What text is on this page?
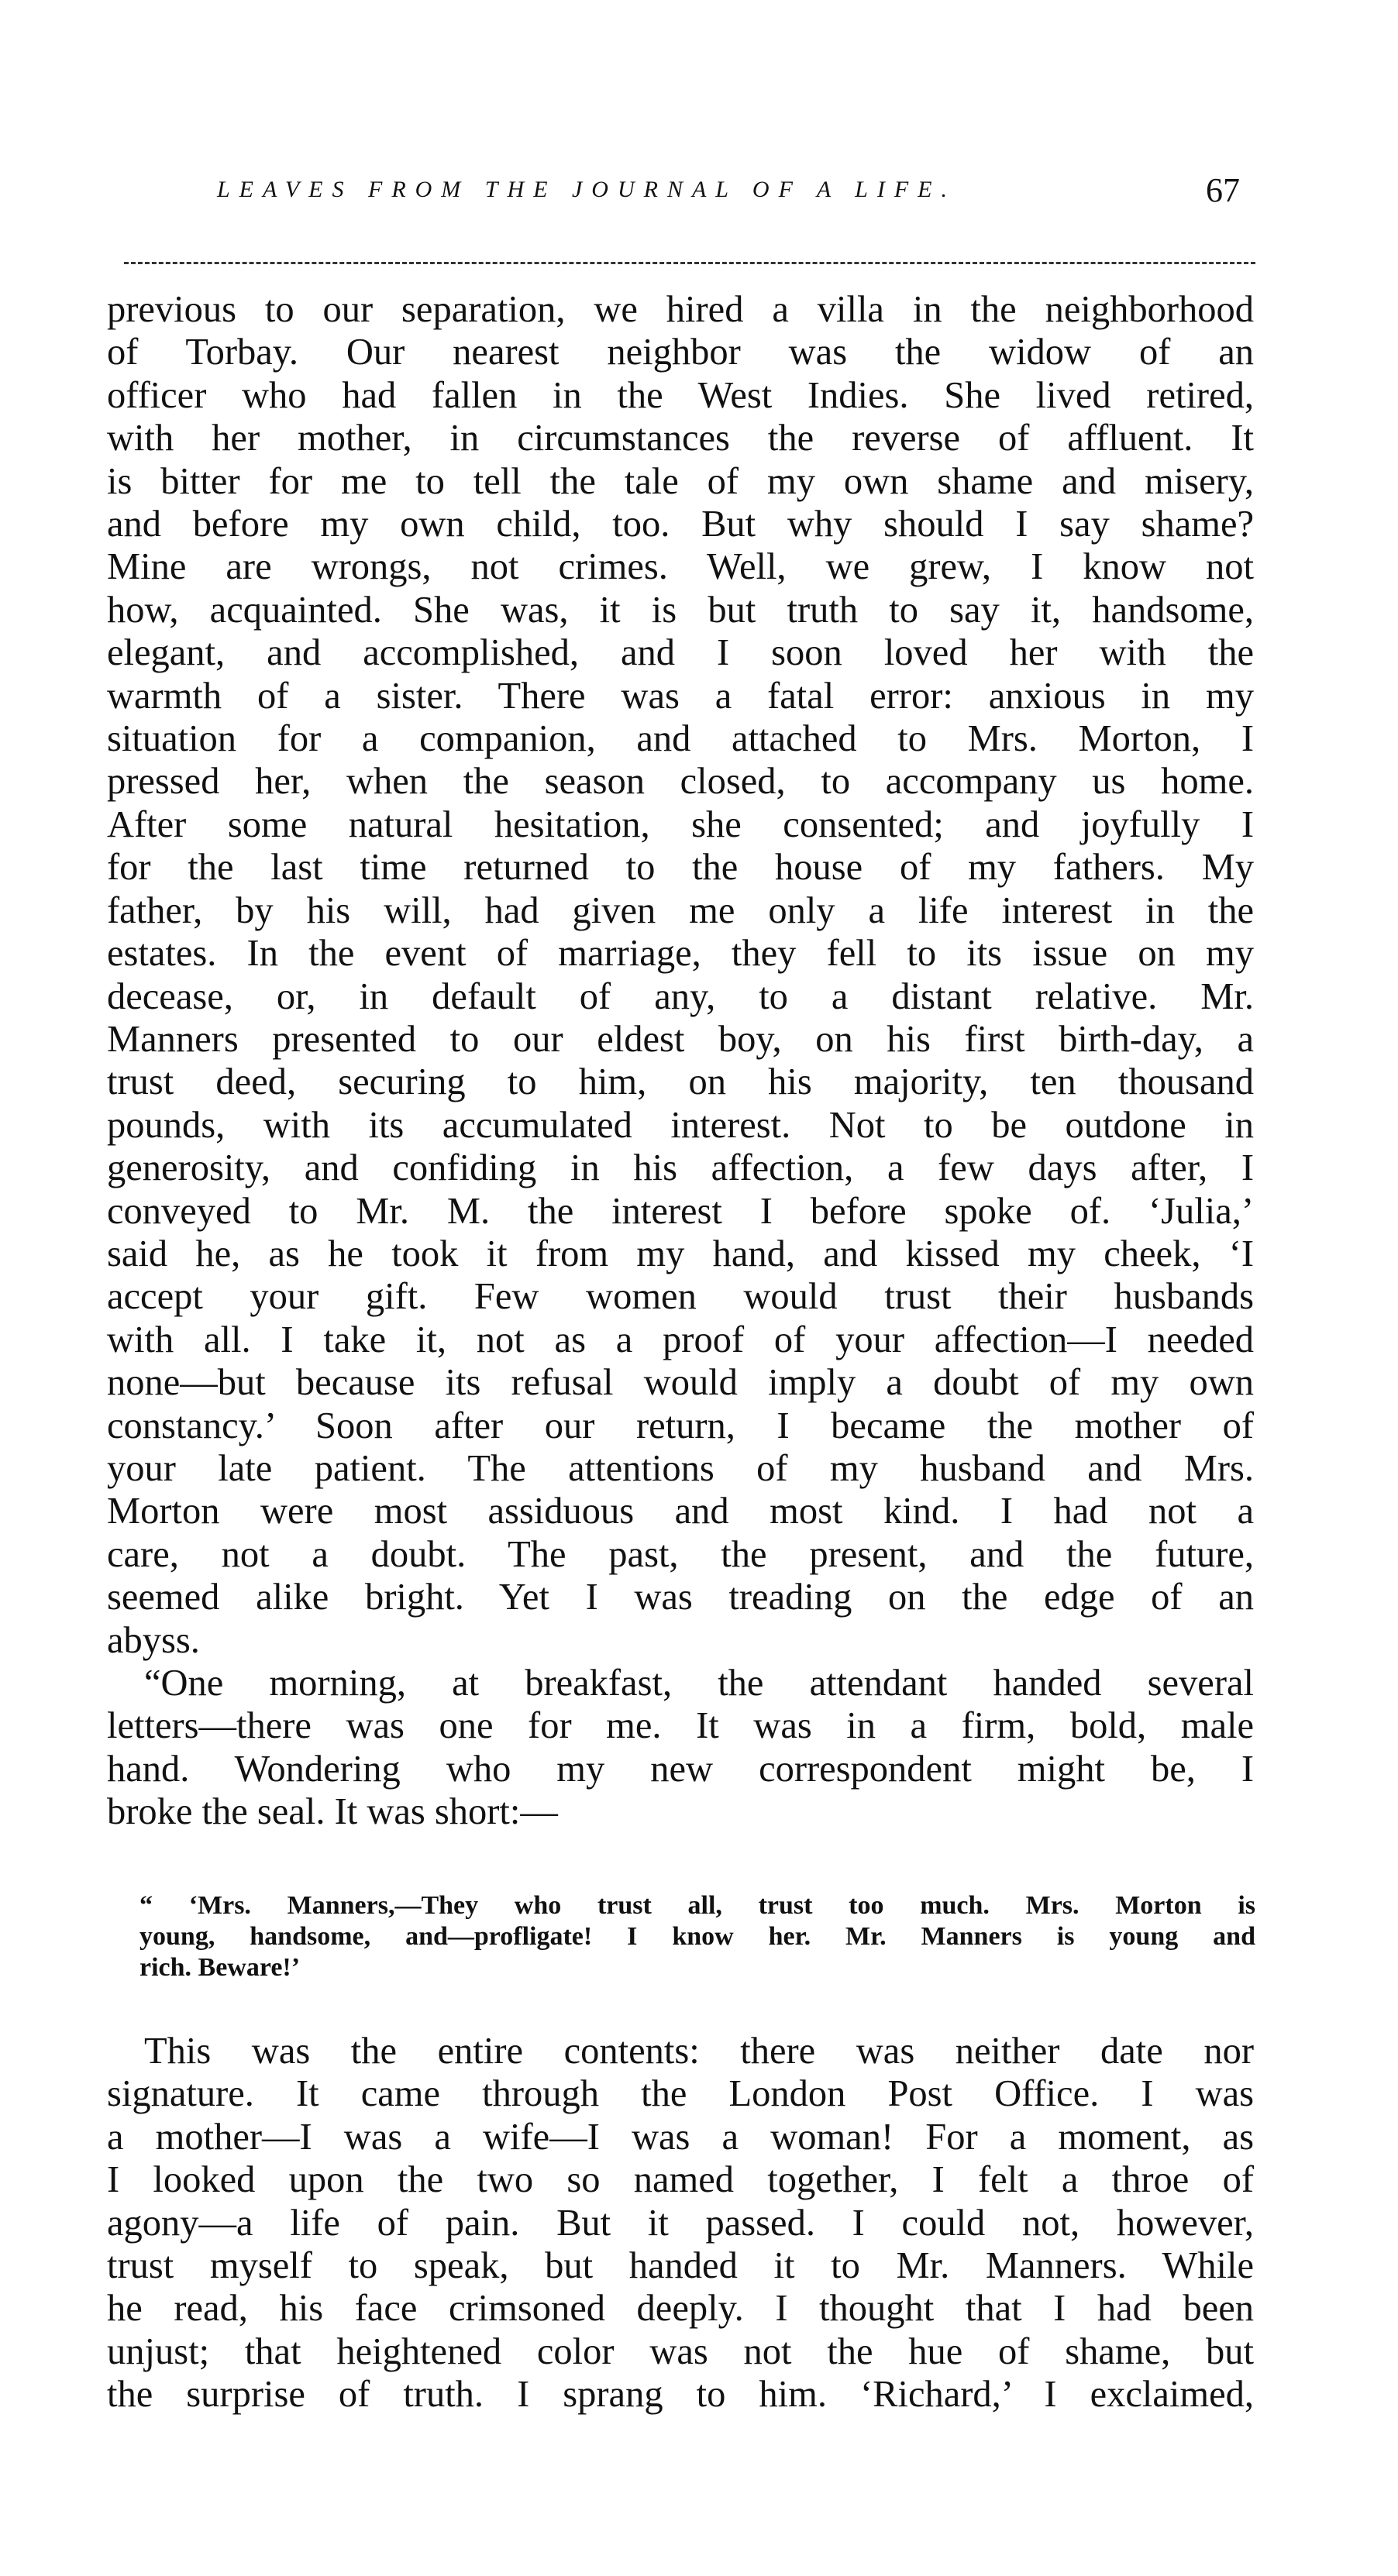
LEAVES FROM THE JOURNAL OF A LIFE.	67
previous to our separation, we hired a villa in the neighborhood
of Torbay. Our nearest neighbor was the widow of an
officer who had fallen in the West Indies. She lived retired,
with her mother, in circumstances the reverse of affluent. It
is bitter for me to tell the tale of my own shame and misery,
and before my own child, too. But why should I say shame?
Mine are wrongs, not crimes. Well, we grew, I know not
how, acquainted. She was, it is but truth to say it, handsome,
elegant, and accomplished, and I soon loved her with the
warmth of a sister. There was a fatal error: anxious in my
situation for a companion, and attached to Mrs. Morton, I
pressed her, when the season closed, to accompany us home.
After some natural hesitation, she consented; and joyfully I
for the last time returned to the house of my fathers. My
father, by his will, had given me only a life interest in the
estates. In the event of marriage, they fell to its issue on my
decease, or, in default of any, to a distant relative. Mr.
Manners presented to our eldest boy, on his first birth-day, a
trust deed, securing to him, on his majority, ten thousand
pounds, with its accumulated interest. Not to be outdone in
generosity, and confiding in his affection, a few days after, I
conveyed to Mr. M. the interest I before spoke of. ‘Julia,’
said he, as he took it from my hand, and kissed my cheek, ‘I
accept your gift. Few women would trust their husbands
with all. I take it, not as a proof of your affection—I needed
none—but because its refusal would imply a doubt of my own
constancy.’ Soon after our return, I became the mother of
your late patient. The attentions of my husband and Mrs.
Morton were most assiduous and most kind. I had not a
care, not a doubt. The past, the present, and the future,
seemed alike bright. Yet I was treading on the edge of an
abyss.
“One morning, at breakfast, the attendant handed several
letters—there was one for me. It was in a firm, bold, male
hand. Wondering who my new correspondent might be, I
broke the seal. It was short:—
“ ‘Mrs. Manners,—They who trust all, trust too much. Mrs. Morton is
young, handsome, and—profligate! I know her. Mr. Manners is young and
rich. Beware!’
This was the entire contents: there was neither date nor
signature. It came through the London Post Office. I was
a mother—I was a wife—I was a woman! For a moment, as
I looked upon the two so named together, I felt a throe of
agony—a life of pain. But it passed. I could not, however,
trust myself to speak, but handed it to Mr. Manners. While
he read, his face crimsoned deeply. I thought that I had been
unjust; that heightened color was not the hue of shame, but
the surprise of truth. I sprang to him. ‘Richard,’ I exclaimed,
